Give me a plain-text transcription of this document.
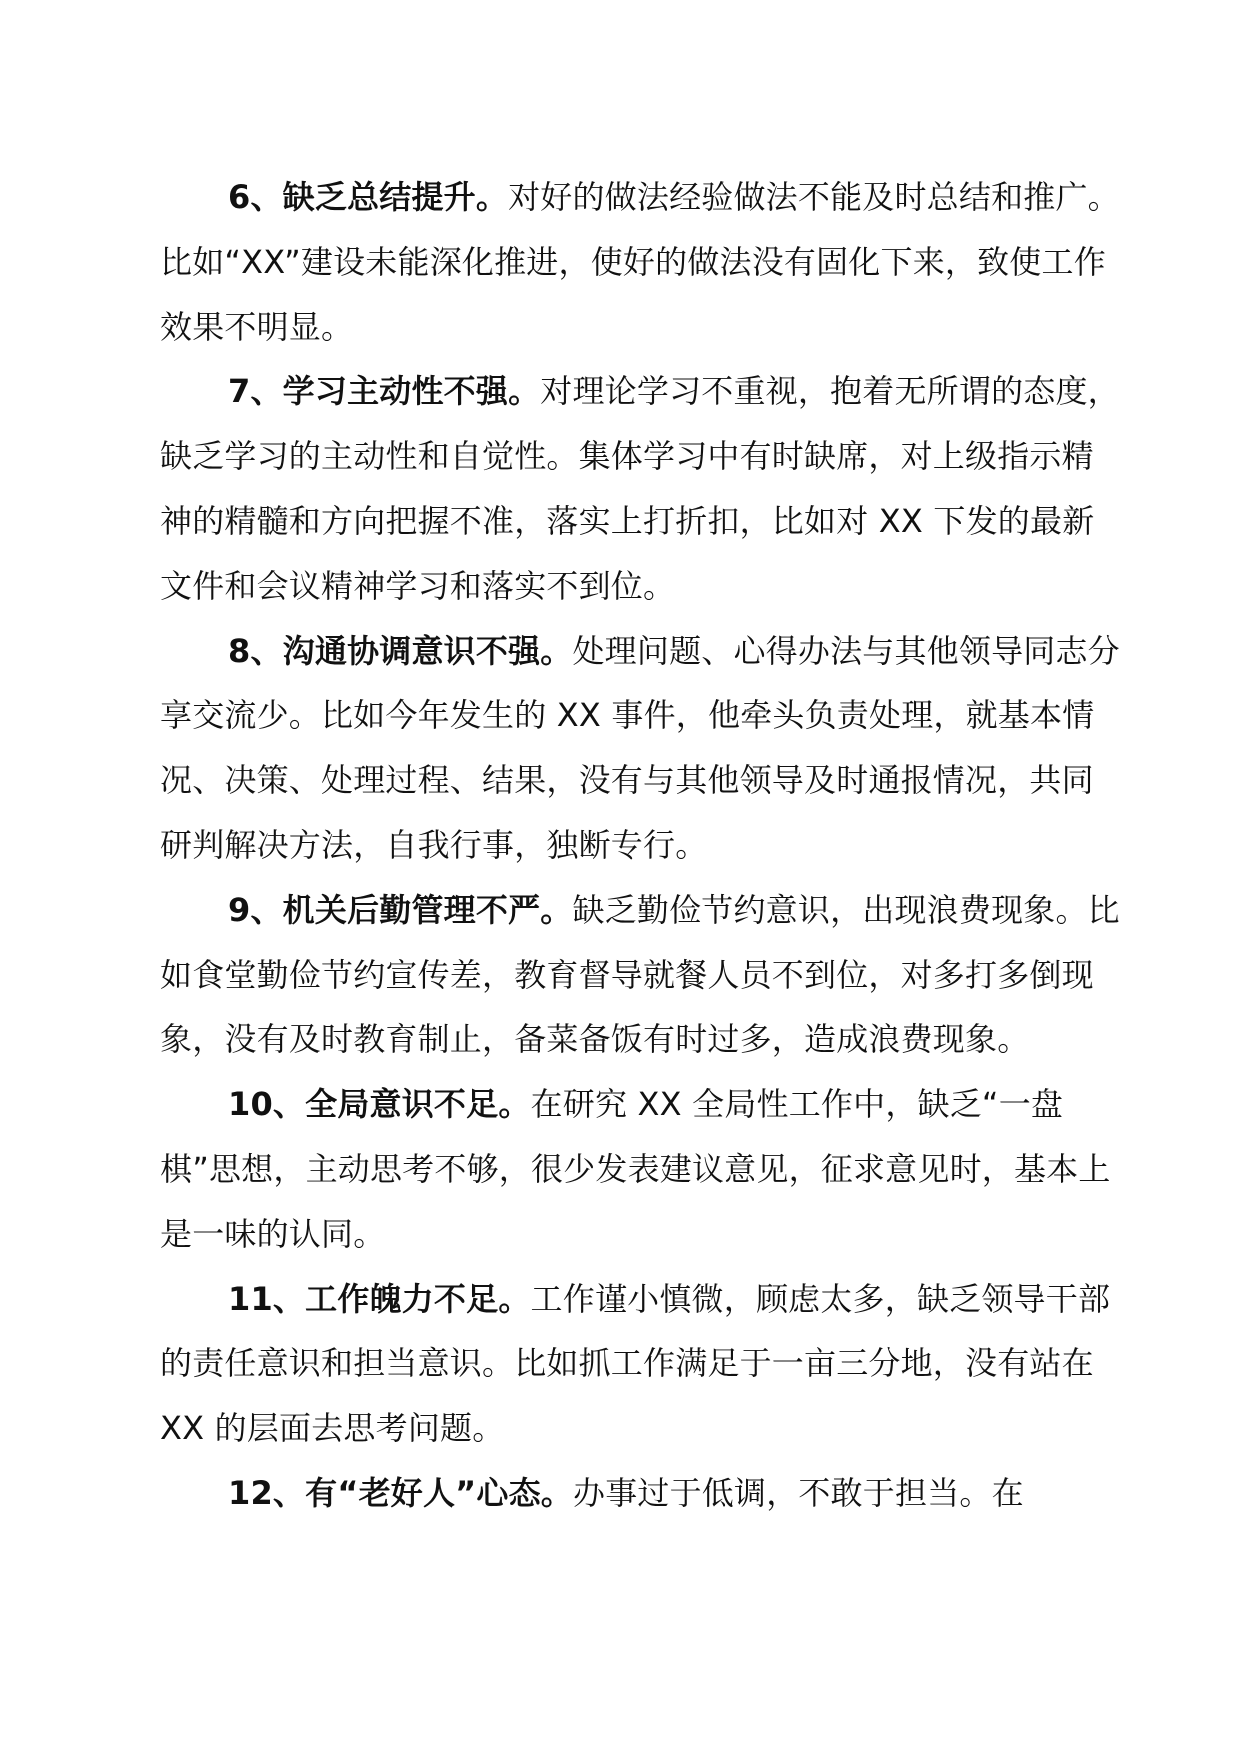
6、缺乏总结提升。对好的做法经验做法不能及时总结和推广。比如“XX”建设未能深化推进，使好的做法没有固化下来，致使工作效果不明显。

7、学习主动性不强。对理论学习不重视，抱着无所谓的态度，缺乏学习的主动性和自觉性。集体学习中有时缺席，对上级指示精神的精髓和方向把握不准，落实上打折扣，比如对 XX 下发的最新文件和会议精神学习和落实不到位。

8、沟通协调意识不强。处理问题、心得办法与其他领导同志分享交流少。比如今年发生的 XX 事件，他牵头负责处理，就基本情况、决策、处理过程、结果，没有与其他领导及时通报情况，共同研判解决方法，自我行事，独断专行。

9、机关后勤管理不严。缺乏勤俭节约意识，出现浪费现象。比如食堂勤俭节约宣传差，教育督导就餐人员不到位，对多打多倒现象，没有及时教育制止，备菜备饭有时过多，造成浪费现象。

10、全局意识不足。在研究 XX 全局性工作中，缺乏“一盘棋”思想，主动思考不够，很少发表建议意见，征求意见时，基本上是一味的认同。

11、工作魄力不足。工作谨小慎微，顾虑太多，缺乏领导干部的责任意识和担当意识。比如抓工作满足于一亩三分地，没有站在 XX 的层面去思考问题。

12、有“老好人”心态。办事过于低调，不敢于担当。在
